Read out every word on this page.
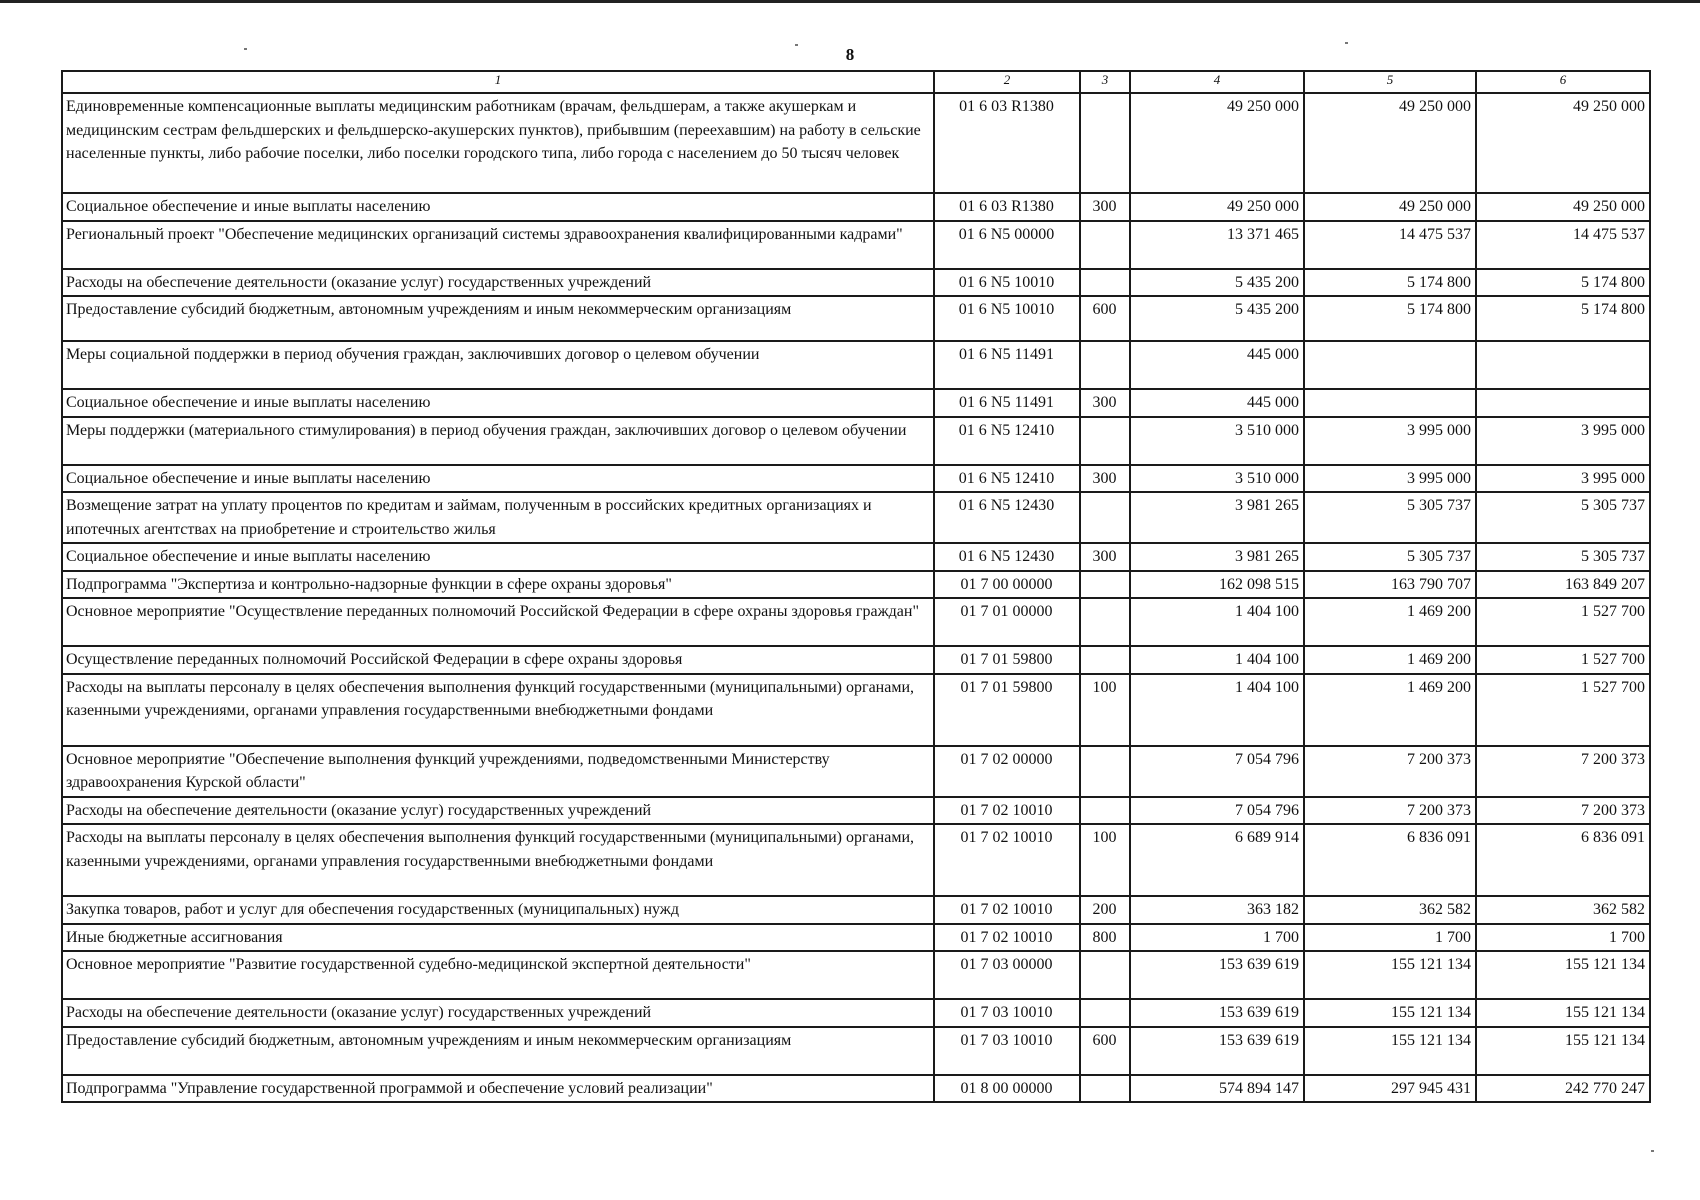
8
1	2	3	4	5	6
Единовременные компенсационные выплаты медицинским работникам (врачам, фельдшерам, а также акушеркам и медицинским сестрам фельдшерских и фельдшерско-акушерских пунктов), прибывшим (переехавшим) на работу в сельские населенные пункты, либо рабочие поселки, либо поселки городского типа, либо города с населением до 50 тысяч человек	01 6 03 R1380		49 250 000	49 250 000	49 250 000
Социальное обеспечение и иные выплаты населению	01 6 03 R1380	300	49 250 000	49 250 000	49 250 000
Региональный проект "Обеспечение медицинских организаций системы здравоохранения квалифицированными кадрами"	01 6 N5 00000		13 371 465	14 475 537	14 475 537
Расходы на обеспечение деятельности (оказание услуг) государственных учреждений	01 6 N5 10010		5 435 200	5 174 800	5 174 800
Предоставление субсидий бюджетным, автономным учреждениям и иным некоммерческим организациям	01 6 N5 10010	600	5 435 200	5 174 800	5 174 800
Меры социальной поддержки в период обучения граждан, заключивших договор о целевом обучении	01 6 N5 11491		445 000		
Социальное обеспечение и иные выплаты населению	01 6 N5 11491	300	445 000		
Меры поддержки (материального стимулирования) в период обучения граждан, заключивших договор о целевом обучении	01 6 N5 12410		3 510 000	3 995 000	3 995 000
Социальное обеспечение и иные выплаты населению	01 6 N5 12410	300	3 510 000	3 995 000	3 995 000
Возмещение затрат на уплату процентов по кредитам и займам, полученным в российских кредитных организациях и ипотечных агентствах на приобретение и строительство жилья	01 6 N5 12430		3 981 265	5 305 737	5 305 737
Социальное обеспечение и иные выплаты населению	01 6 N5 12430	300	3 981 265	5 305 737	5 305 737
Подпрограмма "Экспертиза и контрольно-надзорные функции в сфере охраны здоровья"	01 7 00 00000		162 098 515	163 790 707	163 849 207
Основное мероприятие "Осуществление переданных полномочий Российской Федерации в сфере охраны здоровья граждан"	01 7 01 00000		1 404 100	1 469 200	1 527 700
Осуществление переданных полномочий Российской Федерации в сфере охраны здоровья	01 7 01 59800		1 404 100	1 469 200	1 527 700
Расходы на выплаты персоналу в целях обеспечения выполнения функций государственными (муниципальными) органами, казенными учреждениями, органами управления государственными внебюджетными фондами	01 7 01 59800	100	1 404 100	1 469 200	1 527 700
Основное мероприятие "Обеспечение выполнения функций учреждениями, подведомственными Министерству здравоохранения Курской области"	01 7 02 00000		7 054 796	7 200 373	7 200 373
Расходы на обеспечение деятельности (оказание услуг) государственных учреждений	01 7 02 10010		7 054 796	7 200 373	7 200 373
Расходы на выплаты персоналу в целях обеспечения выполнения функций государственными (муниципальными) органами, казенными учреждениями, органами управления государственными внебюджетными фондами	01 7 02 10010	100	6 689 914	6 836 091	6 836 091
Закупка товаров, работ и услуг для обеспечения государственных (муниципальных) нужд	01 7 02 10010	200	363 182	362 582	362 582
Иные бюджетные ассигнования	01 7 02 10010	800	1 700	1 700	1 700
Основное мероприятие "Развитие государственной судебно-медицинской экспертной деятельности"	01 7 03 00000		153 639 619	155 121 134	155 121 134
Расходы на обеспечение деятельности (оказание услуг) государственных учреждений	01 7 03 10010		153 639 619	155 121 134	155 121 134
Предоставление субсидий бюджетным, автономным учреждениям и иным некоммерческим организациям	01 7 03 10010	600	153 639 619	155 121 134	155 121 134
Подпрограмма "Управление государственной программой и обеспечение условий реализации"	01 8 00 00000		574 894 147	297 945 431	242 770 247
